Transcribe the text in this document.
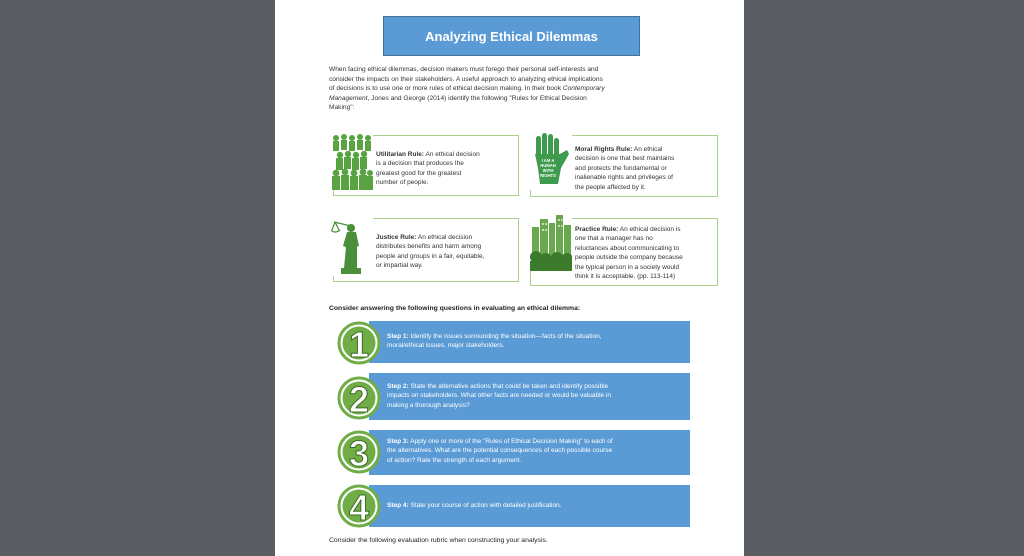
Analyzing Ethical Dilemmas
When facing ethical dilemmas, decision makers must forego their personal self-interests and
consider the impacts on their stakeholders. A useful approach to analyzing ethical implications
of decisions is to use one or more rules of ethical decision making. In their book Contemporary
Management, Jones and George (2014) identify the following "Rules for Ethical Decision
Making":
Utilitarian Rule: An ethical decision
is a decision that produces the
greatest good for the greatest
number of people.
I AM A
HUMAN
WITH
RIGHTS
Moral Rights Rule: An ethical
decision is one that best maintains
and protects the fundamental or
inalienable rights and privileges of
the people affected by it.
Justice Rule: An ethical decision
distributes benefits and harm among
people and groups in a fair, equitable,
or impartial way.
Practice Rule: An ethical decision is
one that a manager has no
reluctances about communicating to
people outside the company because
the typical person in a society would
think it is acceptable. (pp. 113-114)
Consider answering the following questions in evaluating an ethical dilemma:
Step 1: Identify the issues surrounding the situation—facts of the situation,
moral/ethical issues, major stakeholders.
1
Step 2: State the alternative actions that could be taken and identify possible
impacts on stakeholders. What other facts are needed or would be valuable in
making a thorough analysis?
2
Step 3: Apply one or more of the "Rules of Ethical Decision Making" to each of
the alternatives. What are the potential consequences of each possible course
of action? Rate the strength of each argument.
3
Step 4: State your course of action with detailed justification.
4
Consider the following evaluation rubric when constructing your analysis.
